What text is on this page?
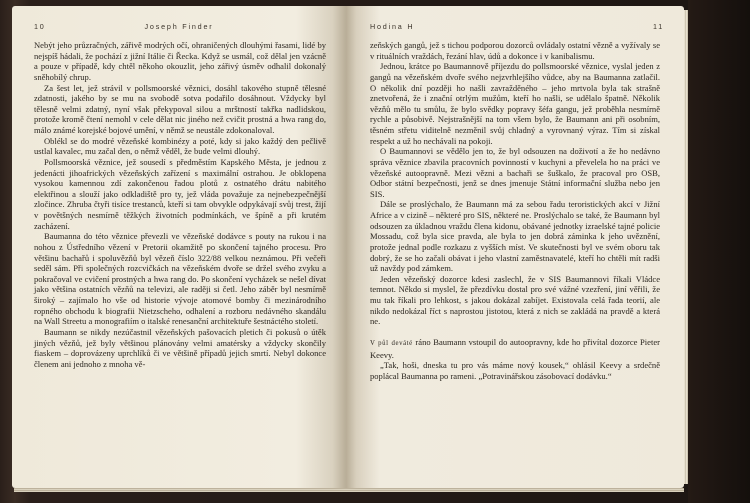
10	Joseph Finder

Nebýt jeho průzračných, zářivě modrých očí, ohraničených dlouhými řasami, lidé by nejspíš hádali, že pochází z jižní Itálie či Řecka. Když se usmál, což dělal jen vzácně a pouze v případě, kdy chtěl někoho okouzlit, jeho zářivý úsměv odhalil dokonalý sněhobílý chrup.

Za šest let, jež strávil v pollsmoorské věznici, dosáhl takového stupně tělesné zdatnosti, jakého by se mu na svobodě sotva podařilo dosáhnout. Vždycky byl tělesně velmi zdatný, nyní však překypoval silou a mrštností takřka nadlidskou, protože kromě čtení nemohl v cele dělat nic jiného než cvičit prostná a hwa rang do, málo známé korejské bojové umění, v němž se neustále zdokonaloval.

Oblékl se do modré vězeňské kombinézy a poté, kdy si jako každý den pečlivě ustlal kavalec, mu začal den, o němž věděl, že bude velmi dlouhý.

Pollsmoorská věznice, jež sousedí s předměstím Kapského Města, je jednou z jedenácti jihoafrických vězeňských zařízení s maximální ostrahou. Je obklopena vysokou kamennou zdí zakončenou řadou plotů z ostnatého drátu nabitého elektřinou a slouží jako odkladiště pro ty, jež vláda považuje za nejnebezpečnější zločince. Zhruba čtyři tisíce trestanců, kteří si tam obvykle odpykávají svůj trest, žijí v povětšných nesmírně těžkých životních podmínkách, ve špíně a při krutém zacházení.

Baumanna do této věznice převezli ve vězeňské dodávce s pouty na rukou i na nohou z Ústředního vězení v Pretorii okamžitě po skončení tajného procesu. Pro většinu bachařů i spoluvězňů byl vězeň číslo 322/88 velkou neznámou. Při večeři seděl sám. Při společných rozcvičkách na vězeňském dvoře se držel svého zvyku a pokračoval ve cvičení prostných a hwa rang do. Po skončení vycházek se nešel dívat jako většina ostatních vězňů na televizi, ale raději si četl. Jeho záběr byl nesmírně široký – zajímalo ho vše od historie vývoje atomové bomby či mezinárodního ropného obchodu k biografii Nietzscheho, odhalení a rozboru nedávného skandálu na Wall Streetu a monografiím o italské renesanční architektuře šestnáctého století.

Baumann se nikdy nezúčastnil vězeňských pašovacích pletich či pokusů o útěk jiných vězňů, jež byly většinou plánovány velmi amatérsky a vždycky skončily fiaskem – doprovázeny uprchlíků či ve většině případů jejich smrtí. Nebyl dokonce členem ani jednoho z mnoha vě-

Hodina H	11

zeňských gangů, jež s tichou podporou dozorců ovládaly ostatní vězně a vyžívaly se v rituálních vraždách, řezání hlav, údů a dokonce i v kanibalismu.

Jednou, krátce po Baumannově příjezdu do pollsmoorské věznice, vyslal jeden z gangů na vězeňském dvoře svého nejzvrhlejšího vůdce, aby na Baumanna zatlačil. O několik dní později ho našli zavražděného – jeho mrtvola byla tak strašně znetvořená, že i znační otrlým mužům, kteří ho našli, se udělalo špatně. Několik vězňů mělo tu smůlu, že bylo svědky popravy šéfa gangu, jež proběhla nesmírně rychle a působivě. Nejstrašnější na tom všem bylo, že Baumann ani při osobním, těsném střetu viditelně nezměnil svůj chladný a vyrovnaný výraz. Tím si získal respekt a už ho nechávali na pokoji.

O Baumannovi se vědělo jen to, že byl odsouzen na doživotí a že ho nedávno správa věznice zbavila pracovních povinností v kuchyni a převelela ho na práci ve vězeňské autoopravně. Mezi vězni a bachaři se šuškalo, že pracoval pro OSB, Odbor státní bezpečnosti, jenž se dnes jmenuje Státní informační služba nebo jen SIS.

Dále se proslýchalo, že Baumann má za sebou řadu teroristických akcí v Jižní Africe a v cizině – některé pro SIS, některé ne. Proslýchalo se také, že Baumann byl odsouzen za úkladnou vraždu člena kidonu, obávané jednotky izraelské tajné policie Mossadu, což byla sice pravda, ale byla to jen dobrá záminka k jeho uvěznění, protože jednal podle rozkazu z vyšších míst. Ve skutečnosti byl ve svém oboru tak dobrý, že se ho začali obávat i jeho vlastní zaměstnavatelé, kteří ho chtěli mít radši už navždy pod zámkem.

Jeden vězeňský dozorce kdesi zaslechl, že v SIS Baumannovi říkali Vládce temnot. Někdo si myslel, že přezdívku dostal pro své vážné vzezření, jiní věřili, že mu tak říkali pro lehkost, s jakou dokázal zabíjet. Existovala celá řada teorií, ale nikdo nedokázal říct s naprostou jistotou, která z nich se zakládá na pravdě a která ne.

V půl deváté ráno Baumann vstoupil do autoopravny, kde ho přivítal dozorce Pieter Keevy.

„Tak, hoši, dneska tu pro vás máme nový kousek,“ ohlásil Keevy a srdečně poplácal Baumanna po rameni. „Potravinářskou zásobovací dodávku.“
